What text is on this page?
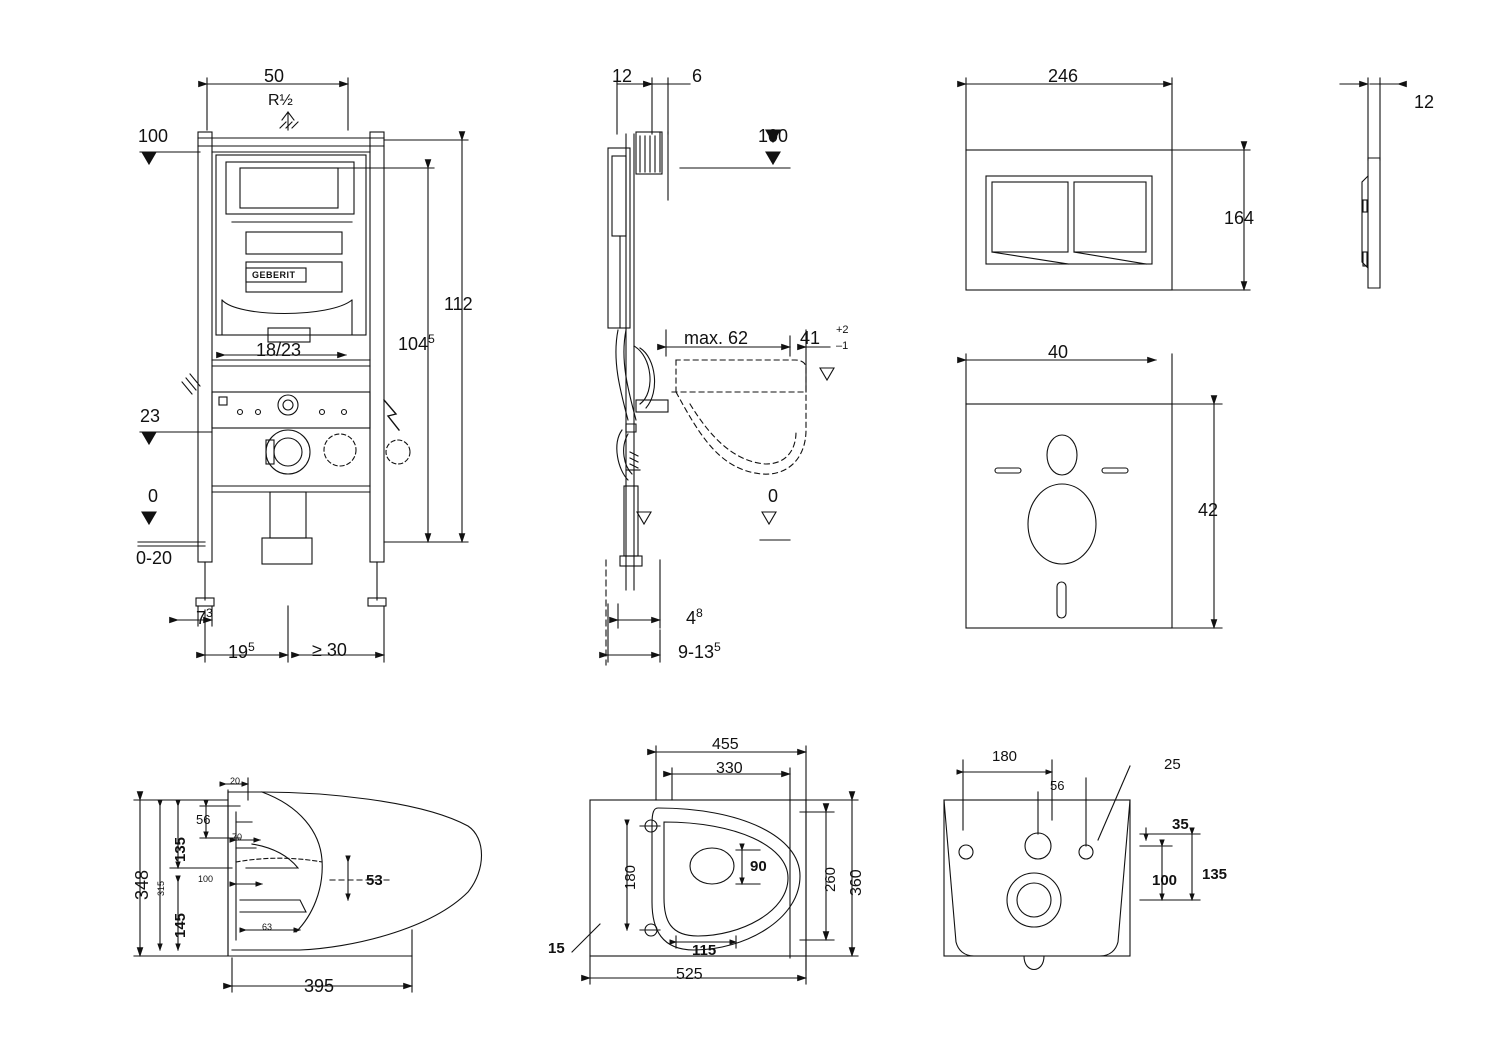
50
R½
100
112
$104^5$
18/23
23
0
0-20
$7^3$
$19^5$	≥ 30
GEBERIT
12	6
100
max. 62	41 +2
–1
0
$4^8$
$9-13^5$
246
164
12
40
42
348 315
135
145
56
20
70
100
63
53
395
455
330
180	90
260 360
115
15
525
180	25
56
35
100 135
